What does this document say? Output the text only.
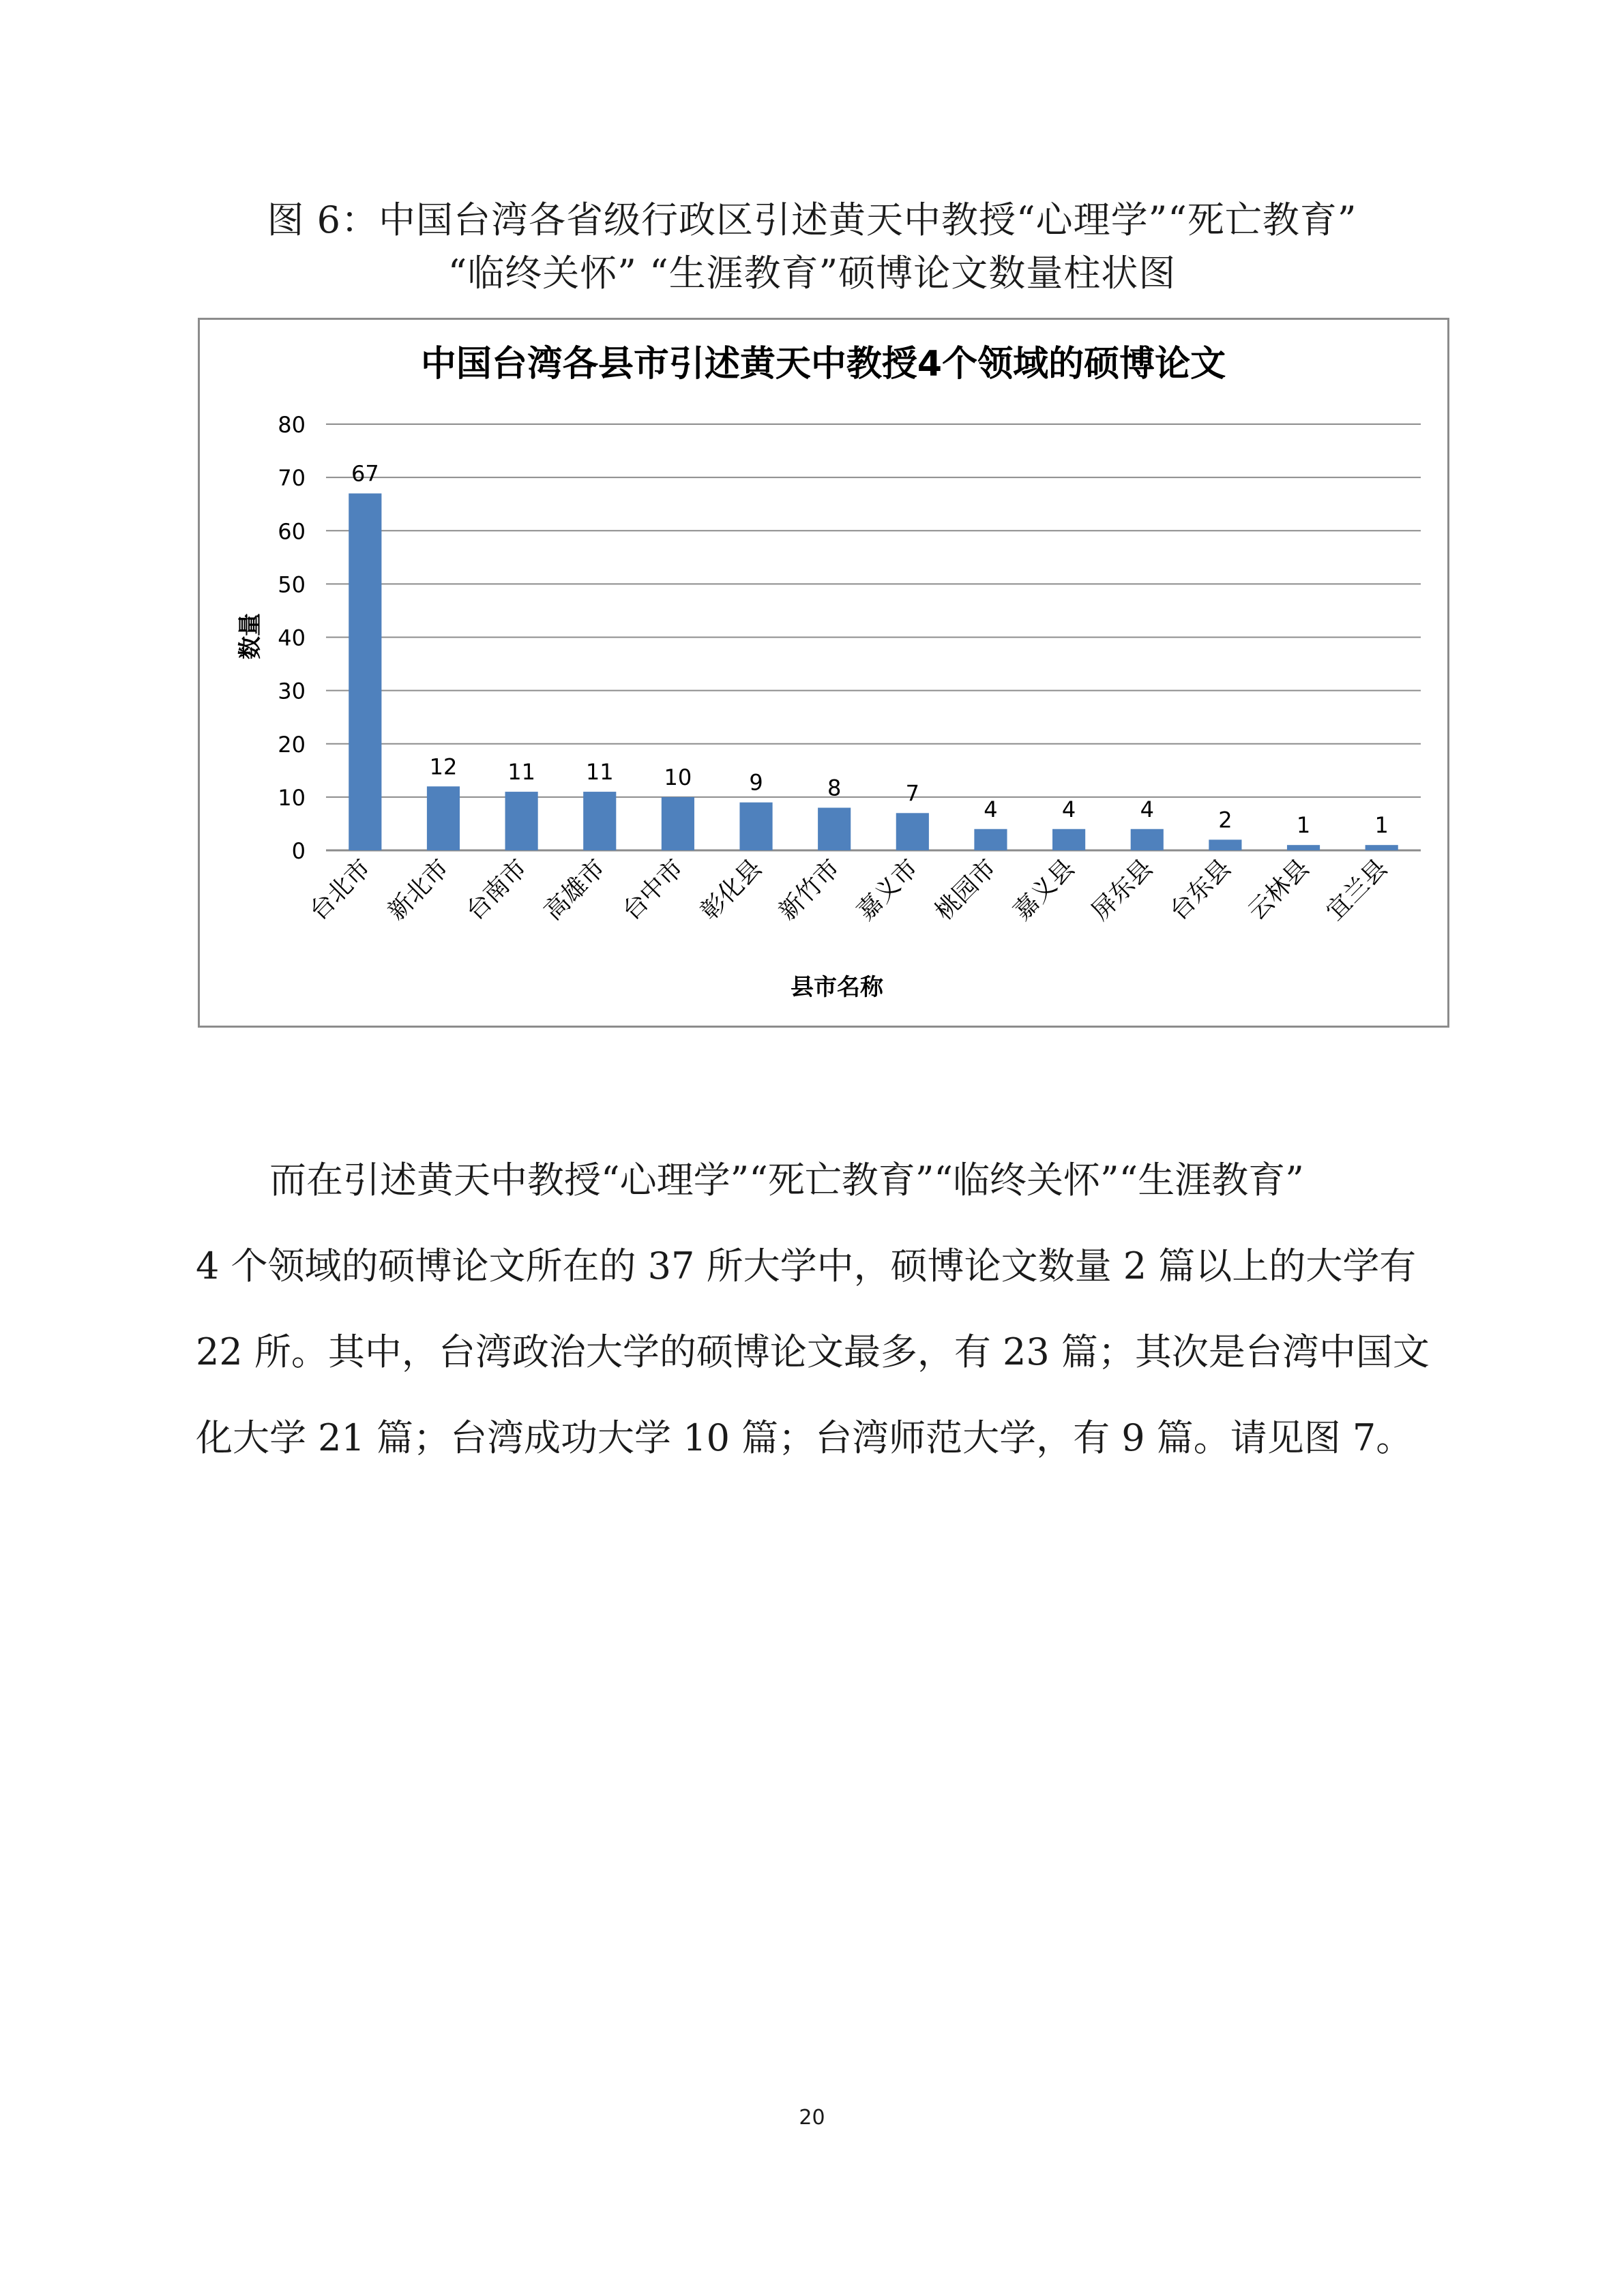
图 6：中国台湾各省级行政区引述黄天中教授“心理学”“死亡教育”
“临终关怀” “生涯教育”硕博论文数量柱状图
中国台湾各县市引述黄天中教授4个领域的硕博论文
0
10
20
30
40
50
60
70
80
67
12 11 11 10	9	8	7
4	4	4	2	1	1
台北市 新北市 台南市 高雄市 台中市 彰化县 新竹市 嘉义市 桃园市 嘉义县 屏东县 台东县 云林县 宜兰县
数量
县市名称
　　而在引述黄天中教授“心理学”“死亡教育”“临终关怀”“生涯教育”
4 个领域的硕博论文所在的 37 所大学中，硕博论文数量 2 篇以上的大学有
22 所。其中，台湾政治大学的硕博论文最多，有 23 篇；其次是台湾中国文
化大学 21 篇；台湾成功大学 10 篇；台湾师范大学，有 9 篇。请见图 7。
20
